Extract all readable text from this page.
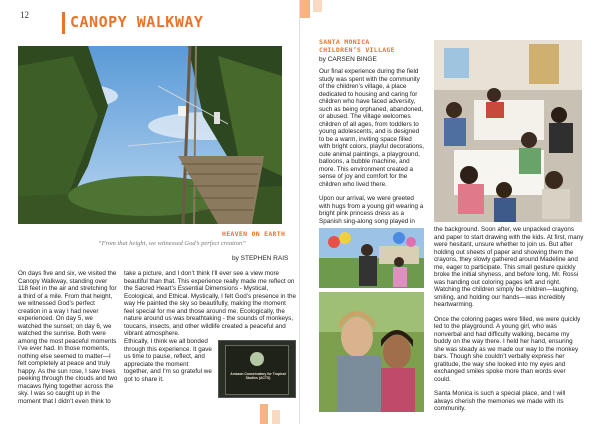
12	CANOPY WALKWAY
HEAVEN ON EARTH
“From that height, we witnessed God’s perfect creation”
by STEPHEN RAIS

On days five and six, we visited the Canopy Walkway, standing over 118 feet in the air and stretching for a third of a mile. From that height, we witnessed God’s perfect creation in a way I had never experienced. On day 5, we watched the sunset; on day 6, we watched the sunrise. Both were among the most peaceful moments I’ve ever had. In those moments, nothing else seemed to matter—I felt completely at peace and truly happy. As the sun rose, I saw trees peeking through the clouds and two macaws flying together across the sky. I was so caught up in the moment that I didn’t even think to

take a picture, and I don’t think I’ll ever see a view more beautiful than that. This experience really made me reflect on the Sacred Heart’s Essential Dimensions - Mystical, Ecological, and Ethical. Mystically, I felt God’s presence in the way He painted the sky so beautifully, making the moment feel special for me and those around me. Ecologically, the nature around us was breathtaking - the sounds of monkeys, toucans, insects, and other wildlife created a peaceful and vibrant atmosphere.

Ethically, I think we all bonded through this experience. It gave us time to pause, reflect, and appreciate the moment together, and I’m so grateful we got to share it.

Amazon Conservatory for Tropical Studies (ACTS)
SANTA MONICA
CHILDREN’S VILLAGE
by CARSEN BINGE

Our final experience during the field study was spent with the community of the children’s village, a place dedicated to housing and caring for children who have faced adversity, such as being orphaned, abandoned, or abused. The village welcomes children of all ages, from toddlers to young adolescents, and is designed to be a warm, inviting space filled with bright colors, playful decorations, cute animal paintings, a playground, balloons, a bubble machine, and more. This environment created a sense of joy and comfort for the children who lived there.

Upon our arrival, we were greeted with hugs from a young girl wearing a bright pink princess dress as a Spanish sing-along song played in

the background. Soon after, we unpacked crayons and paper to start drawing with the kids. At first, many were hesitant, unsure whether to join us. But after holding out sheets of paper and showing them the crayons, they slowly gathered around Madeline and me, eager to participate. This small gesture quickly broke the initial shyness, and before long, Mr. Rossi was handing out coloring pages left and right. Watching the children simply be children—laughing, smiling, and holding our hands—was incredibly heartwarming.

Once the coloring pages were filled, we were quickly led to the playground. A young girl, who was nonverbal and had difficulty walking, became my buddy on the way there. I held her hand, ensuring she was steady as we made our way to the monkey bars. Though she couldn’t verbally express her gratitude, the way she looked into my eyes and exchanged smiles spoke more than words ever could.

Santa Monica is such a special place, and I will always cherish the memories we made with its community.
